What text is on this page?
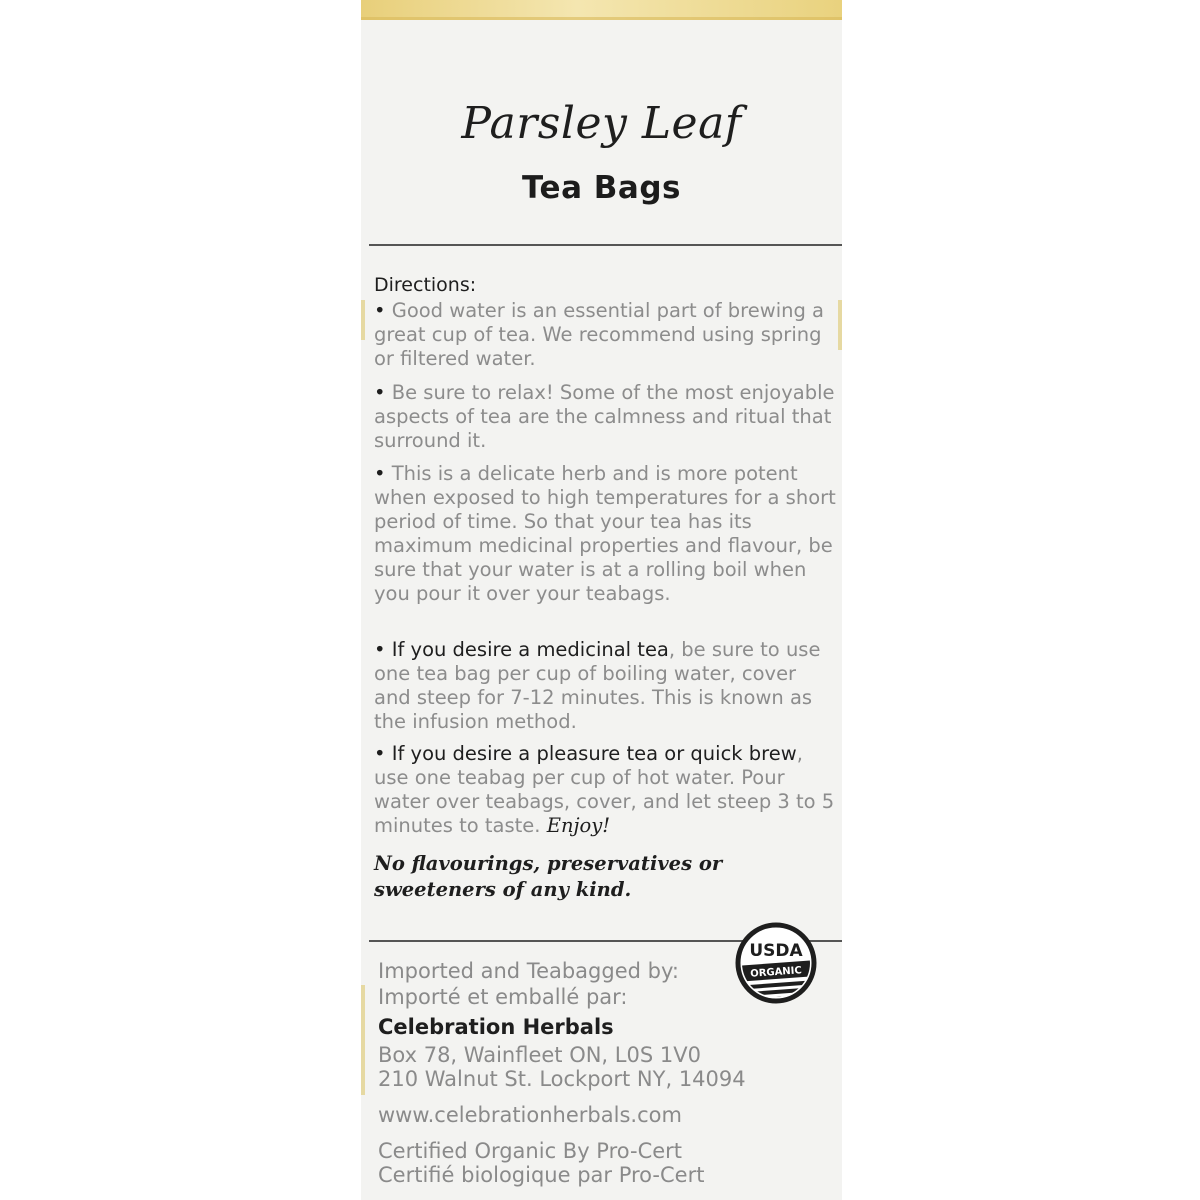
Parsley Leaf
Tea Bags
Directions:

• Good water is an essential part of brewing a great cup of tea. We recommend using spring or filtered water.

• Be sure to relax! Some of the most enjoyable aspects of tea are the calmness and ritual that surround it.

• This is a delicate herb and is more potent when exposed to high temperatures for a short period of time. So that your tea has its maximum medicinal properties and flavour, be sure that your water is at a rolling boil when you pour it over your teabags.

• If you desire a medicinal tea, be sure to use one tea bag per cup of boiling water, cover and steep for 7-12 minutes. This is known as the infusion method.

• If you desire a pleasure tea or quick brew, use one teabag per cup of hot water. Pour water over teabags, cover, and let steep 3 to 5 minutes to taste. Enjoy!

No flavourings, preservatives or sweeteners of any kind.

Imported and Teabagged by:

Importé et emballé par:

Celebration Herbals

Box 78, Wainfleet ON, L0S 1V0

210 Walnut St. Lockport NY, 14094

www.celebrationherbals.com

Certified Organic By Pro-Cert

Certifié biologique par Pro-Cert

USDA
ORGANIC
